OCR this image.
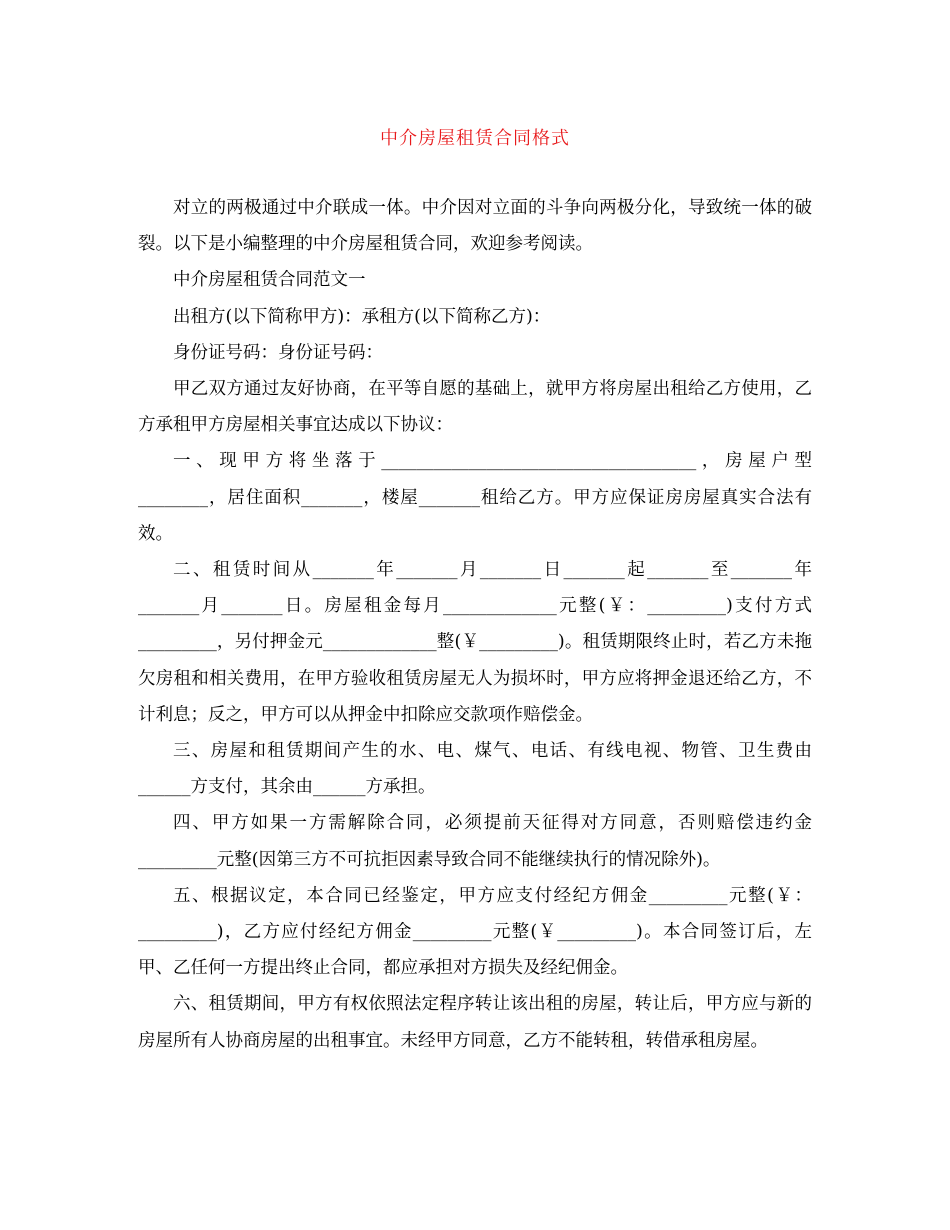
中介房屋租赁合同格式

对立的两极通过中介联成一体。中介因对立面的斗争向两极分化，导致统一体的破裂。以下是小编整理的中介房屋租赁合同，欢迎参考阅读。

中介房屋租赁合同范文一

出租方(以下简称甲方)：承租方(以下简称乙方)：

身份证号码：身份证号码：

甲乙双方通过友好协商，在平等自愿的基础上，就甲方将房屋出租给乙方使用，乙方承租甲方房屋相关事宜达成以下协议：

一、现甲方将坐落于____________________________________，房屋户型________，居住面积_______，楼屋_______租给乙方。甲方应保证房房屋真实合法有效。

二、租赁时间从_______年_______月_______日_______起_______至_______年_______月_______日。房屋租金每月_____________元整(￥：_________)支付方式_________，另付押金元_____________整(￥_________)。租赁期限终止时，若乙方未拖欠房租和相关费用，在甲方验收租赁房屋无人为损坏时，甲方应将押金退还给乙方，不计利息；反之，甲方可以从押金中扣除应交款项作赔偿金。

三、房屋和租赁期间产生的水、电、煤气、电话、有线电视、物管、卫生费由______方支付，其余由______方承担。

四、甲方如果一方需解除合同，必须提前天征得对方同意，否则赔偿违约金_________元整(因第三方不可抗拒因素导致合同不能继续执行的情况除外)。

五、根据议定，本合同已经鉴定，甲方应支付经纪方佣金_________元整(￥：_________)，乙方应付经纪方佣金_________元整(￥_________)。本合同签订后，左甲、乙任何一方提出终止合同，都应承担对方损失及经纪佣金。

六、租赁期间，甲方有权依照法定程序转让该出租的房屋，转让后，甲方应与新的房屋所有人协商房屋的出租事宜。未经甲方同意，乙方不能转租，转借承租房屋。
